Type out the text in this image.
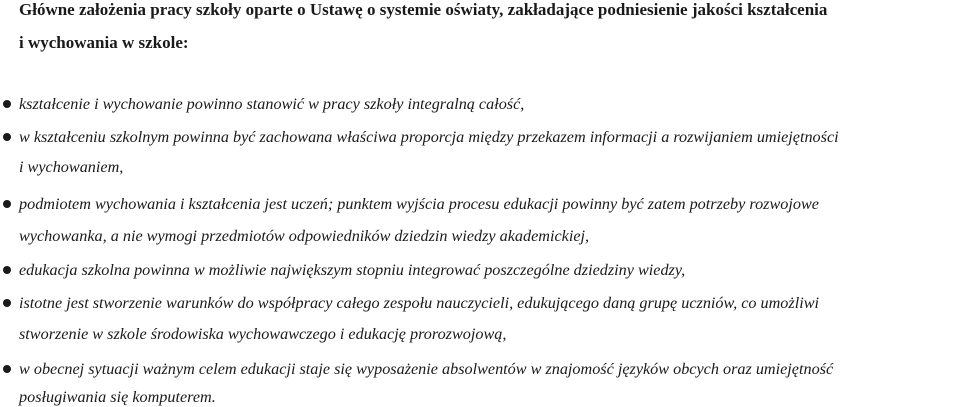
Główne założenia pracy szkoły oparte o Ustawę o systemie oświaty, zakładające podniesienie jakości kształcenia

i wychowania w szkole:

kształcenie i wychowanie powinno stanowić w pracy szkoły integralną całość,

w kształceniu szkolnym powinna być zachowana właściwa proporcja między przekazem informacji a rozwijaniem umiejętności

i wychowaniem,

podmiotem wychowania i kształcenia jest uczeń; punktem wyjścia procesu edukacji powinny być zatem potrzeby rozwojowe

wychowanka, a nie wymogi przedmiotów odpowiedników dziedzin wiedzy akademickiej,

edukacja szkolna powinna w możliwie największym stopniu integrować poszczególne dziedziny wiedzy,

istotne jest stworzenie warunków do współpracy całego zespołu nauczycieli, edukującego daną grupę uczniów, co umożliwi

stworzenie w szkole środowiska wychowawczego i edukację prorozwojową,

w obecnej sytuacji ważnym celem edukacji staje się wyposażenie absolwentów w znajomość języków obcych oraz umiejętność

posługiwania się komputerem.
